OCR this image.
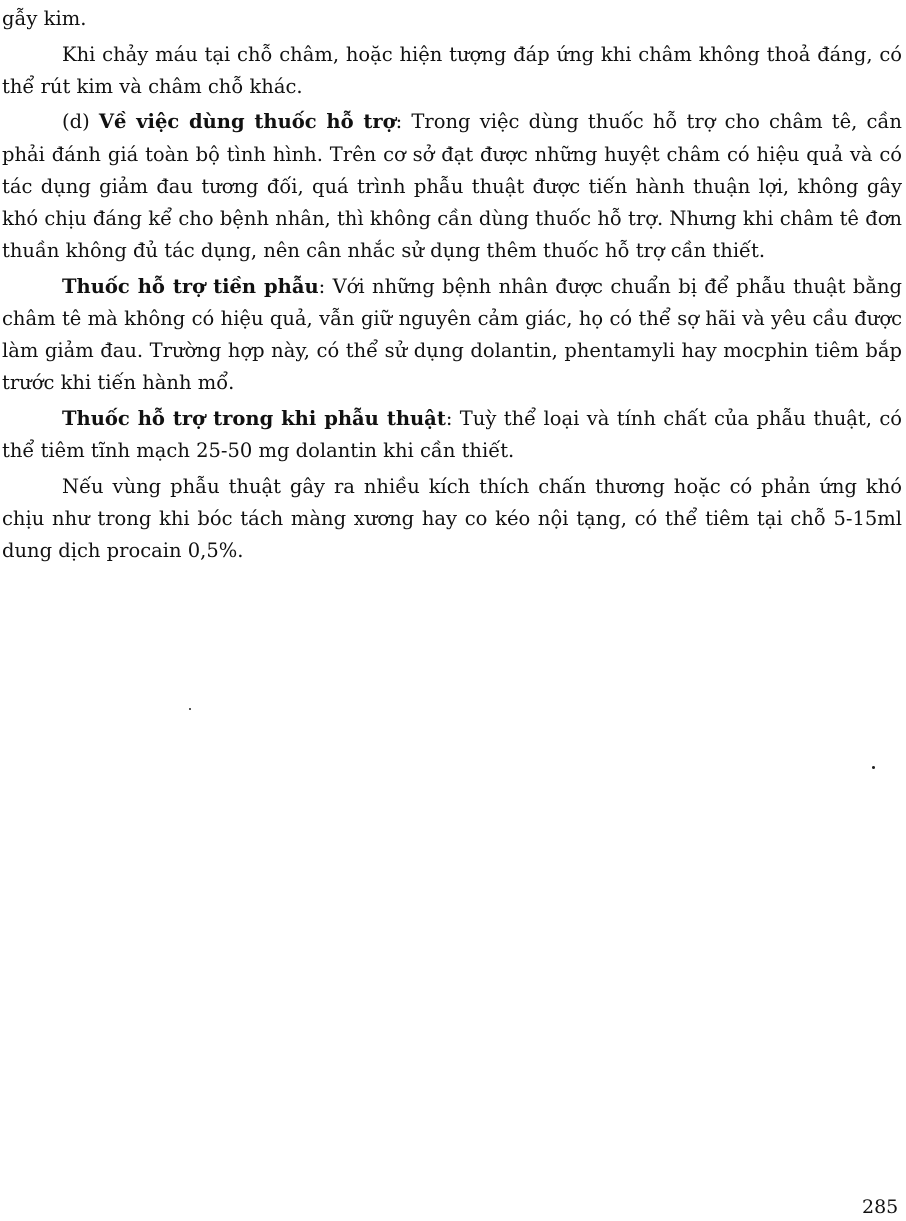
gẫy kim.

Khi chảy máu tại chỗ châm, hoặc hiện tượng đáp ứng khi châm không thoả đáng, có thể rút kim và châm chỗ khác.

(d) Về việc dùng thuốc hỗ trợ: Trong việc dùng thuốc hỗ trợ cho châm tê, cần phải đánh giá toàn bộ tình hình. Trên cơ sở đạt được những huyệt châm có hiệu quả và có tác dụng giảm đau tương đối, quá trình phẫu thuật được tiến hành thuận lợi, không gây khó chịu đáng kể cho bệnh nhân, thì không cần dùng thuốc hỗ trợ. Nhưng khi châm tê đơn thuần không đủ tác dụng, nên cân nhắc sử dụng thêm thuốc hỗ trợ cần thiết.

Thuốc hỗ trợ tiền phẫu: Với những bệnh nhân được chuẩn bị để phẫu thuật bằng châm tê mà không có hiệu quả, vẫn giữ nguyên cảm giác, họ có thể sợ hãi và yêu cầu được làm giảm đau. Trường hợp này, có thể sử dụng dolantin, phentamyli hay mocphin tiêm bắp trước khi tiến hành mổ.

Thuốc hỗ trợ trong khi phẫu thuật: Tuỳ thể loại và tính chất của phẫu thuật, có thể tiêm tĩnh mạch 25-50 mg dolantin khi cần thiết.

Nếu vùng phẫu thuật gây ra nhiều kích thích chấn thương hoặc có phản ứng khó chịu như trong khi bóc tách màng xương hay co kéo nội tạng, có thể tiêm tại chỗ 5-15ml dung dịch procain 0,5%.

285
